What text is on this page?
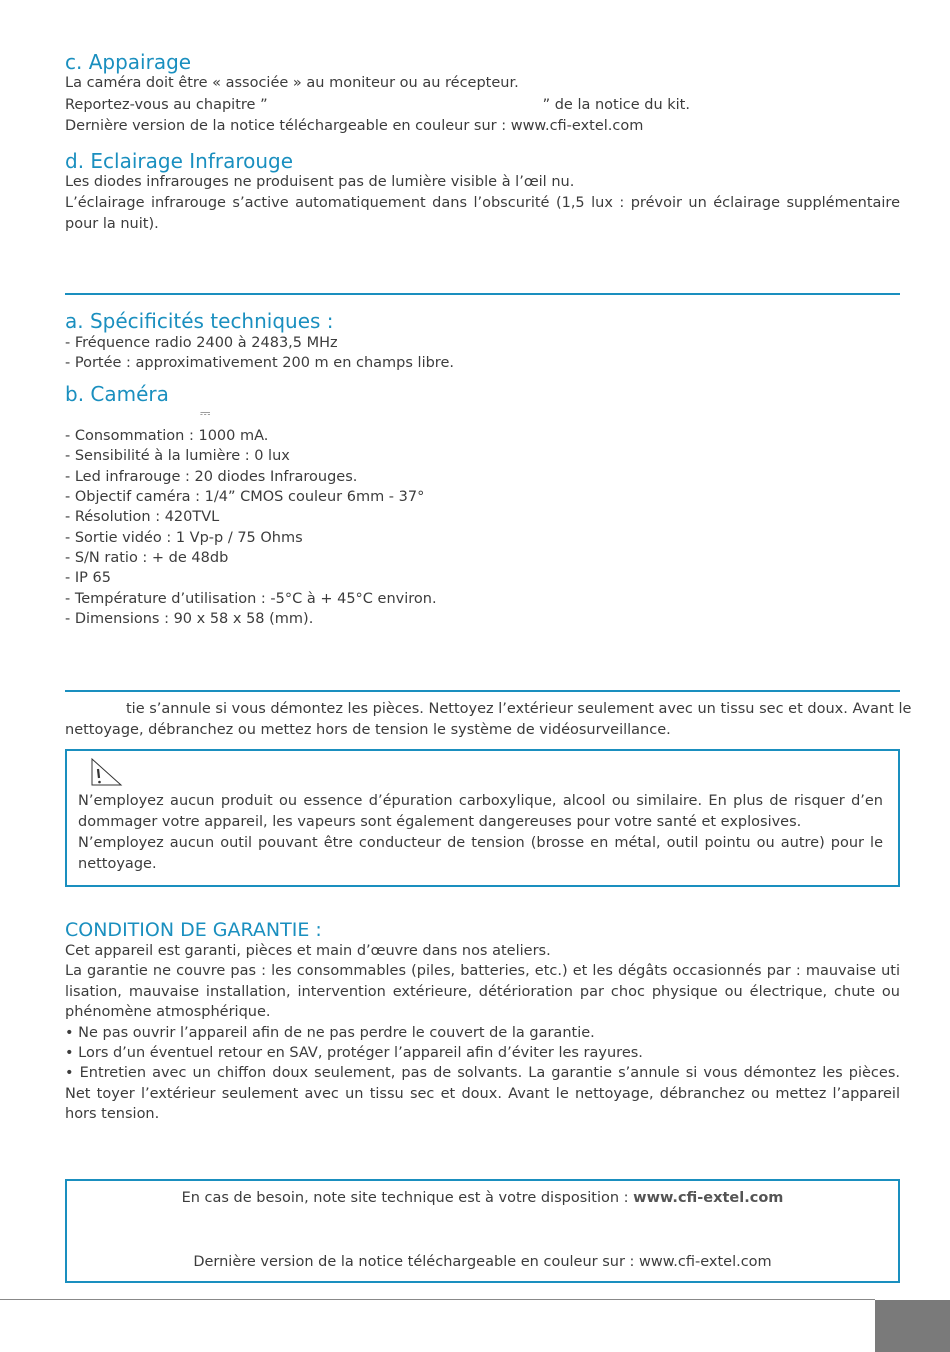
c. Appairage
La caméra doit être « associée » au moniteur ou au récepteur.
Reportez-vous au chapitre ”	” de la notice du kit.
Dernière version de la notice téléchargeable en couleur sur : www.cfi-extel.com
d. Eclairage Infrarouge
Les diodes infrarouges ne produisent pas de lumière visible à l’œil nu.
L’éclairage infrarouge s’active automatiquement dans l’obscurité (1,5 lux : prévoir un éclairage supplémentaire pour la nuit).
a. Spécificités techniques :
- Fréquence radio 2400 à 2483,5 MHz
- Portée : approximativement 200 m en champs libre.
b. Caméra
⎓
- Consommation : 1000 mA.
- Sensibilité à la lumière : 0 lux
- Led infrarouge : 20 diodes Infrarouges.
- Objectif caméra : 1/4” CMOS couleur 6mm - 37°
- Résolution : 420TVL
- Sortie vidéo : 1 Vp-p / 75 Ohms
- S/N ratio : + de 48db
- IP 65
- Température d’utilisation : -5°C à + 45°C environ.
- Dimensions : 90 x 58 x 58 (mm).
tie s’annule si vous démontez les pièces. Nettoyez l’extérieur seulement avec un tissu sec et doux. Avant le
nettoyage, débranchez ou mettez hors de tension le système de vidéosurveillance.
N’employez aucun produit ou essence d’épuration carboxylique, alcool ou similaire. En plus de risquer d’en dommager votre appareil, les vapeurs sont également dangereuses pour votre santé et explosives.
N’employez aucun outil pouvant être conducteur de tension (brosse en métal, outil pointu ou autre) pour le nettoyage.
CONDITION DE GARANTIE :
Cet appareil est garanti, pièces et main d’œuvre dans nos ateliers.
La garantie ne couvre pas : les consommables (piles, batteries, etc.) et les dégâts occasionnés par : mauvaise uti lisation, mauvaise installation, intervention extérieure, détérioration par choc physique ou électrique, chute ou phénomène atmosphérique.
• Ne pas ouvrir l’appareil afin de ne pas perdre le couvert de la garantie.
• Lors d’un éventuel retour en SAV, protéger l’appareil afin d’éviter les rayures.
• Entretien avec un chiffon doux seulement, pas de solvants. La garantie s’annule si vous démontez les pièces. Net toyer l’extérieur seulement avec un tissu sec et doux. Avant le nettoyage, débranchez ou mettez l’appareil hors tension.
En cas de besoin, note site technique est à votre disposition : www.cfi-extel.com
Dernière version de la notice téléchargeable en couleur sur : www.cfi-extel.com
